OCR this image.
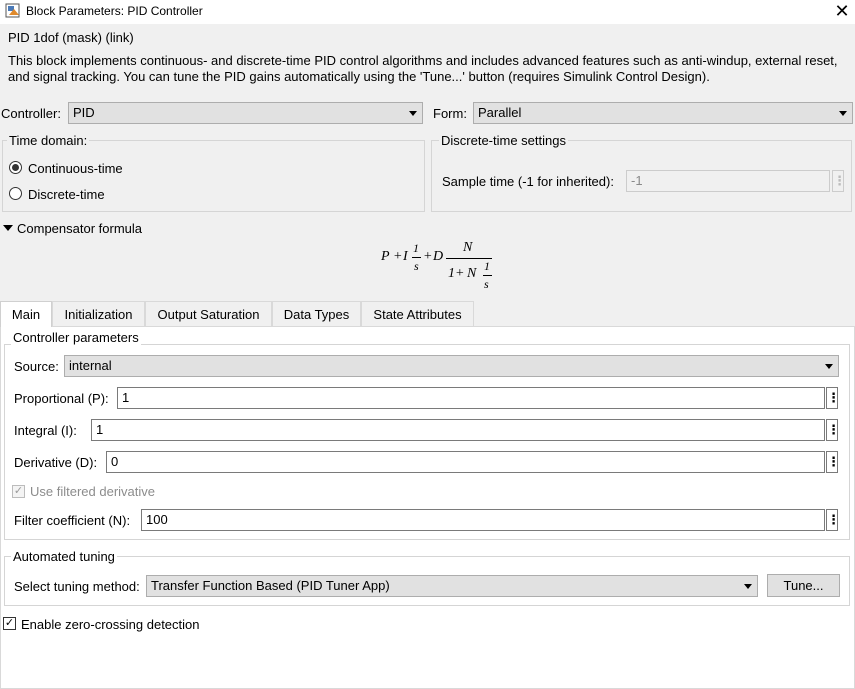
Block Parameters: PID Controller	✕
PID 1dof (mask) (link)
This block implements continuous- and discrete-time PID control algorithms and includes advanced features such as anti-windup, external reset, and signal tracking. You can tune the PID gains automatically using the 'Tune...' button (requires Simulink Control Design).
Controller: PID	Form: Parallel
Time domain:
Continuous-time
Discrete-time
Discrete-time settings
Sample time (-1 for inherited):	-1	⋮
Compensator formula
P + I
1
s
+ D
N
1+ N 1
s
Main	Initialization	Output Saturation	Data Types	State Attributes
Controller parameters
Source: internal
Proportional (P):	1	⋮
Integral (I):	1	⋮
Derivative (D):	0	⋮
✓ Use filtered derivative
Filter coefficient (N):	100	⋮
Automated tuning
Select tuning method: Transfer Function Based (PID Tuner App)	Tune...
✓ Enable zero-crossing detection
